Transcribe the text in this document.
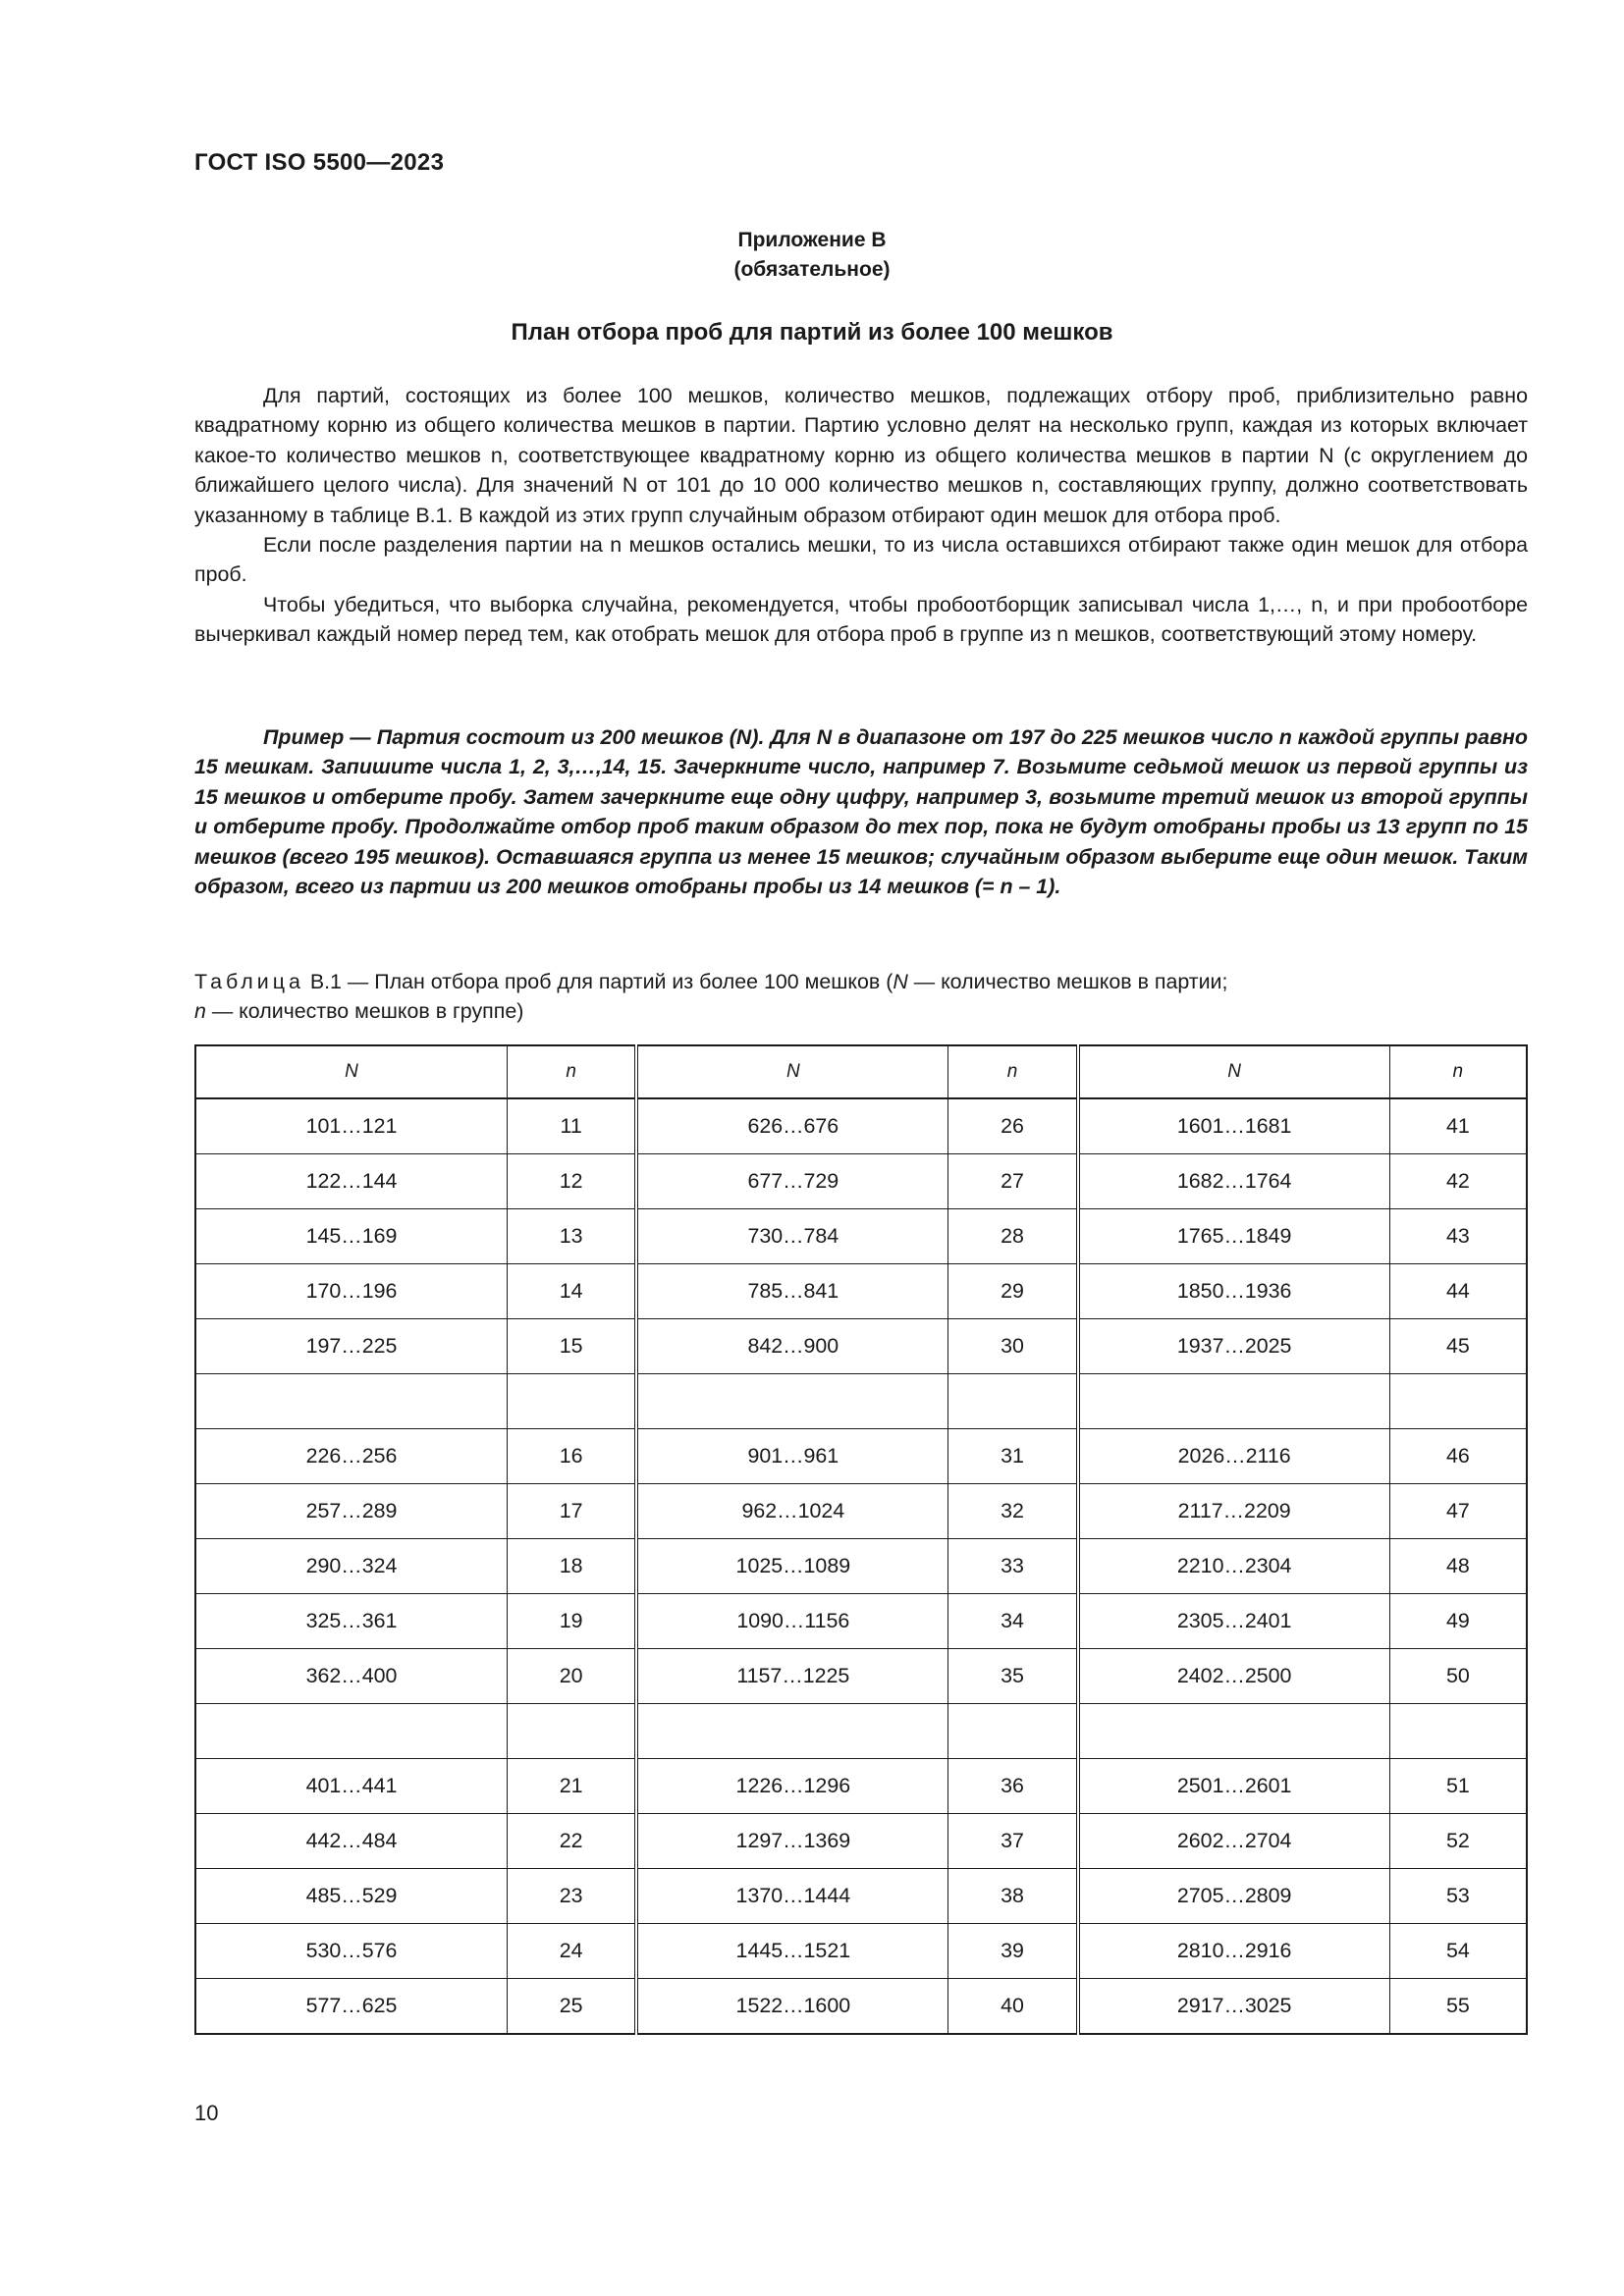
ГОСТ ISO 5500—2023
Приложение В
(обязательное)
План отбора проб для партий из более 100 мешков

Для партий, состоящих из более 100 мешков, количество мешков, подлежащих отбору проб, приблизительно равно квадратному корню из общего количества мешков в партии. Партию условно делят на несколько групп, каждая из которых включает какое-то количество мешков n, соответствующее квадратному корню из общего количества мешков в партии N (с округлением до ближайшего целого числа). Для значений N от 101 до 10 000 количество мешков n, составляющих группу, должно соответствовать указанному в таблице В.1. В каждой из этих групп случайным образом отбирают один мешок для отбора проб.

Если после разделения партии на n мешков остались мешки, то из числа оставшихся отбирают также один мешок для отбора проб.

Чтобы убедиться, что выборка случайна, рекомендуется, чтобы пробоотборщик записывал числа 1,…, n, и при пробоотборе вычеркивал каждый номер перед тем, как отобрать мешок для отбора проб в группе из n мешков, соответствующий этому номеру.

Пример — Партия состоит из 200 мешков (N). Для N в диапазоне от 197 до 225 мешков число n каждой группы равно 15 мешкам. Запишите числа 1, 2, 3,…,14, 15. Зачеркните число, например 7. Возьмите седьмой мешок из первой группы из 15 мешков и отберите пробу. Затем зачеркните еще одну цифру, например 3, возьмите третий мешок из второй группы и отберите пробу. Продолжайте отбор проб таким образом до тех пор, пока не будут отобраны пробы из 13 групп по 15 мешков (всего 195 мешков). Оставшаяся группа из менее 15 мешков; случайным образом выберите еще один мешок. Таким образом, всего из партии из 200 мешков отобраны пробы из 14 мешков (= n – 1).

Таблица В.1 — План отбора проб для партий из более 100 мешков (N — количество мешков в партии;
n — количество мешков в группе)
N	n	N	n	N	n
101…121	11	626…676	26	1601…1681	41
122…144	12	677…729	27	1682…1764	42
145…169	13	730…784	28	1765…1849	43
170…196	14	785…841	29	1850…1936	44
197…225	15	842…900	30	1937…2025	45

226…256	16	901…961	31	2026…2116	46
257…289	17	962…1024	32	2117…2209	47
290…324	18	1025…1089	33	2210…2304	48
325…361	19	1090…1156	34	2305…2401	49
362…400	20	1157…1225	35	2402…2500	50

401…441	21	1226…1296	36	2501…2601	51
442…484	22	1297…1369	37	2602…2704	52
485…529	23	1370…1444	38	2705…2809	53
530…576	24	1445…1521	39	2810…2916	54
577…625	25	1522…1600	40	2917…3025	55
10
